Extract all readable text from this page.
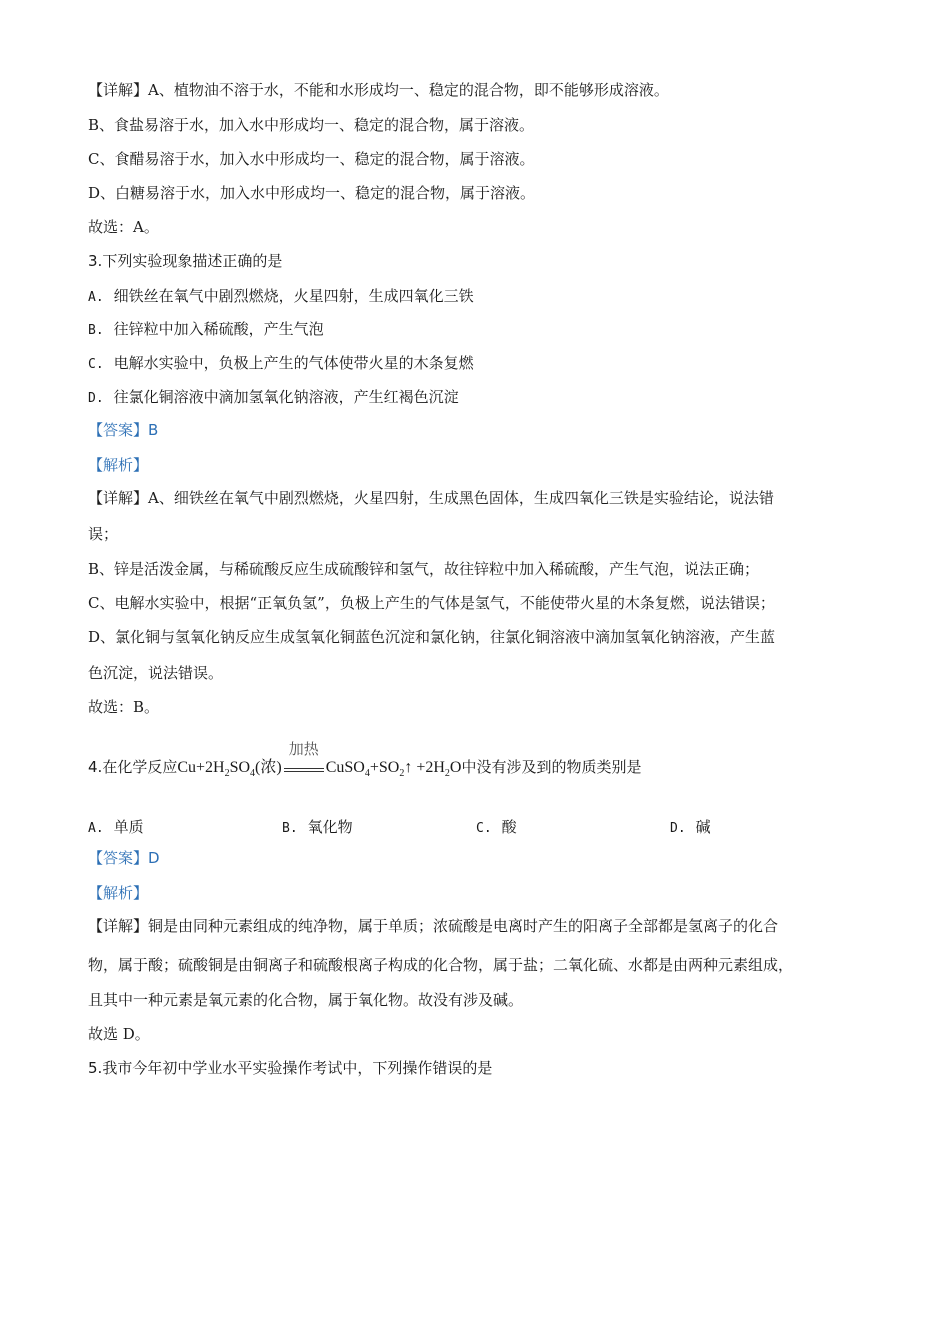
【详解】A、植物油不溶于水，不能和水形成均一、稳定的混合物，即不能够形成溶液。
B、食盐易溶于水，加入水中形成均一、稳定的混合物，属于溶液。
C、食醋易溶于水，加入水中形成均一、稳定的混合物，属于溶液。
D、白糖易溶于水，加入水中形成均一、稳定的混合物，属于溶液。
故选：A。
3.下列实验现象描述正确的是
A. 细铁丝在氧气中剧烈燃烧，火星四射，生成四氧化三铁
B. 往锌粒中加入稀硫酸，产生气泡
C. 电解水实验中，负极上产生的气体使带火星的木条复燃
D. 往氯化铜溶液中滴加氢氧化钠溶液，产生红褐色沉淀
【答案】B
【解析】
【详解】A、细铁丝在氧气中剧烈燃烧，火星四射，生成黑色固体，生成四氧化三铁是实验结论，说法错
误；
B、锌是活泼金属，与稀硫酸反应生成硫酸锌和氢气，故往锌粒中加入稀硫酸，产生气泡，说法正确；
C、电解水实验中，根据“正氧负氢”，负极上产生的气体是氢气，不能使带火星的木条复燃，说法错误；
D、氯化铜与氢氧化钠反应生成氢氧化铜蓝色沉淀和氯化钠，往氯化铜溶液中滴加氢氧化钠溶液，产生蓝
色沉淀，说法错误。
故选：B。
4.在化学反应$Cu+2H_2SO_4$(浓)
加热
$CuSO_4+SO_2↑ +2H_2O$中没有涉及到的物质类别是
A. 单质	B. 氧化物	C. 酸	D. 碱
【答案】D
【解析】
【详解】铜是由同种元素组成的纯净物，属于单质；浓硫酸是电离时产生的阳离子全部都是氢离子的化合
物，属于酸；硫酸铜是由铜离子和硫酸根离子构成的化合物，属于盐；二氧化硫、水都是由两种元素组成，
且其中一种元素是氧元素的化合物，属于氧化物。故没有涉及碱。
故选 D。
5.我市今年初中学业水平实验操作考试中，下列操作错误的是
